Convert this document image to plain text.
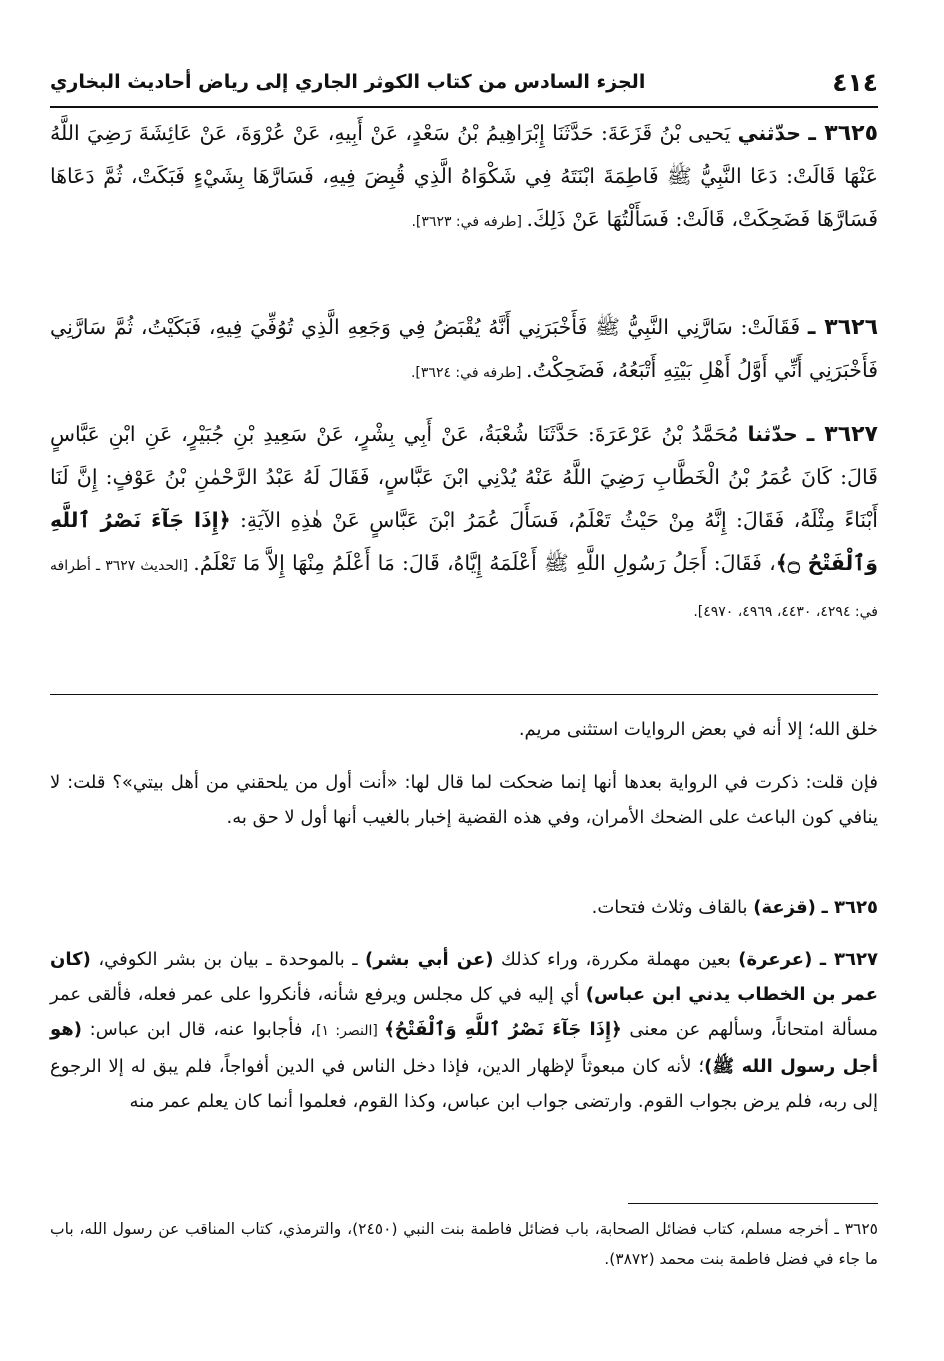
٤١٤
الجزء السادس من كتاب الكوثر الجاري إلى رياض أحاديث البخاري

٣٦٢٥ ـ حدّثني يَحيى بْنُ قَزَعَةَ: حَدَّثَنَا إِبْرَاهِيمُ بْنُ سَعْدٍ، عَنْ أَبِيهِ، عَنْ عُرْوَةَ، عَنْ عَائِشَةَ رَضِيَ اللَّهُ عَنْهَا قَالَتْ: دَعَا النَّبِيُّ ﷺ فَاطِمَةَ ابْنَتَهُ فِي شَكْوَاهُ الَّذِي قُبِضَ فِيهِ، فَسَارَّهَا بِشَيْءٍ فَبَكَتْ، ثُمَّ دَعَاهَا فَسَارَّهَا فَضَحِكَتْ، قَالَتْ: فَسَأَلْتُهَا عَنْ ذَلِكَ. [طرفه في: ٣٦٢٣].

٣٦٢٦ ـ فَقَالَتْ: سَارَّنِي النَّبِيُّ ﷺ فَأَخْبَرَنِي أَنَّهُ يُقْبَضُ فِي وَجَعِهِ الَّذِي تُوُفِّيَ فِيهِ، فَبَكَيْتُ، ثُمَّ سَارَّنِي فَأَخْبَرَنِي أَنِّي أَوَّلُ أَهْلِ بَيْتِهِ أَتْبَعُهُ، فَضَحِكْتُ. [طرفه في: ٣٦٢٤].

٣٦٢٧ ـ حدّثنا مُحَمَّدُ بْنُ عَرْعَرَةَ: حَدَّثَنَا شُعْبَةُ، عَنْ أَبِي بِشْرٍ، عَنْ سَعِيدِ بْنِ جُبَيْرٍ، عَنِ ابْنِ عَبَّاسٍ قَالَ: كَانَ عُمَرُ بْنُ الْخَطَّابِ رَضِيَ اللَّهُ عَنْهُ يُدْنِي ابْنَ عَبَّاسٍ، فَقَالَ لَهُ عَبْدُ الرَّحْمٰنِ بْنُ عَوْفٍ: إِنَّ لَنَا أَبْنَاءً مِثْلَهُ، فَقَالَ: إِنَّهُ مِنْ حَيْثُ تَعْلَمُ، فَسَأَلَ عُمَرُ ابْنَ عَبَّاسٍ عَنْ هٰذِهِ الآيَةِ: ﴿إِذَا جَآءَ نَصْرُ ٱللَّهِ وَٱلْفَتْحُ ۝﴾، فَقَالَ: أَجَلُ رَسُولِ اللَّهِ ﷺ أَعْلَمَهُ إِيَّاهُ، قَالَ: مَا أَعْلَمُ مِنْهَا إِلاَّ مَا تَعْلَمُ. [الحديث ٣٦٢٧ ـ أطرافه في: ٤٢٩٤، ٤٤٣٠، ٤٩٦٩، ٤٩٧٠].

خلق الله؛ إلا أنه في بعض الروايات استثنى مريم.

فإن قلت: ذكرت في الرواية بعدها أنها إنما ضحكت لما قال لها: «أنت أول من يلحقني من أهل بيتي»؟ قلت: لا ينافي كون الباعث على الضحك الأمران، وفي هذه القضية إخبار بالغيب أنها أول لا حق به.

٣٦٢٥ ـ (قزعة) بالقاف وثلاث فتحات.

٣٦٢٧ ـ (عرعرة) بعين مهملة مكررة، وراء كذلك (عن أبي بشر) ـ بالموحدة ـ بيان بن بشر الكوفي، (كان عمر بن الخطاب يدني ابن عباس) أي إليه في كل مجلس ويرفع شأنه، فأنكروا على عمر فعله، فألقى عمر مسألة امتحاناً، وسألهم عن معنى ﴿إِذَا جَآءَ نَصْرُ ٱللَّهِ وَٱلْفَتْحُ﴾ [النصر: ١]، فأجابوا عنه، قال ابن عباس: (هو أجل رسول الله ﷺ)؛ لأنه كان مبعوثاً لإظهار الدين، فإذا دخل الناس في الدين أفواجاً، فلم يبق له إلا الرجوع إلى ربه، فلم يرض بجواب القوم. وارتضى جواب ابن عباس، وكذا القوم، فعلموا أنما كان يعلم عمر منه

٣٦٢٥ ـ أخرجه مسلم، كتاب فضائل الصحابة، باب فضائل فاطمة بنت النبي (٢٤٥٠)، والترمذي، كتاب المناقب عن رسول الله، باب ما جاء في فضل فاطمة بنت محمد (٣٨٧٢).
